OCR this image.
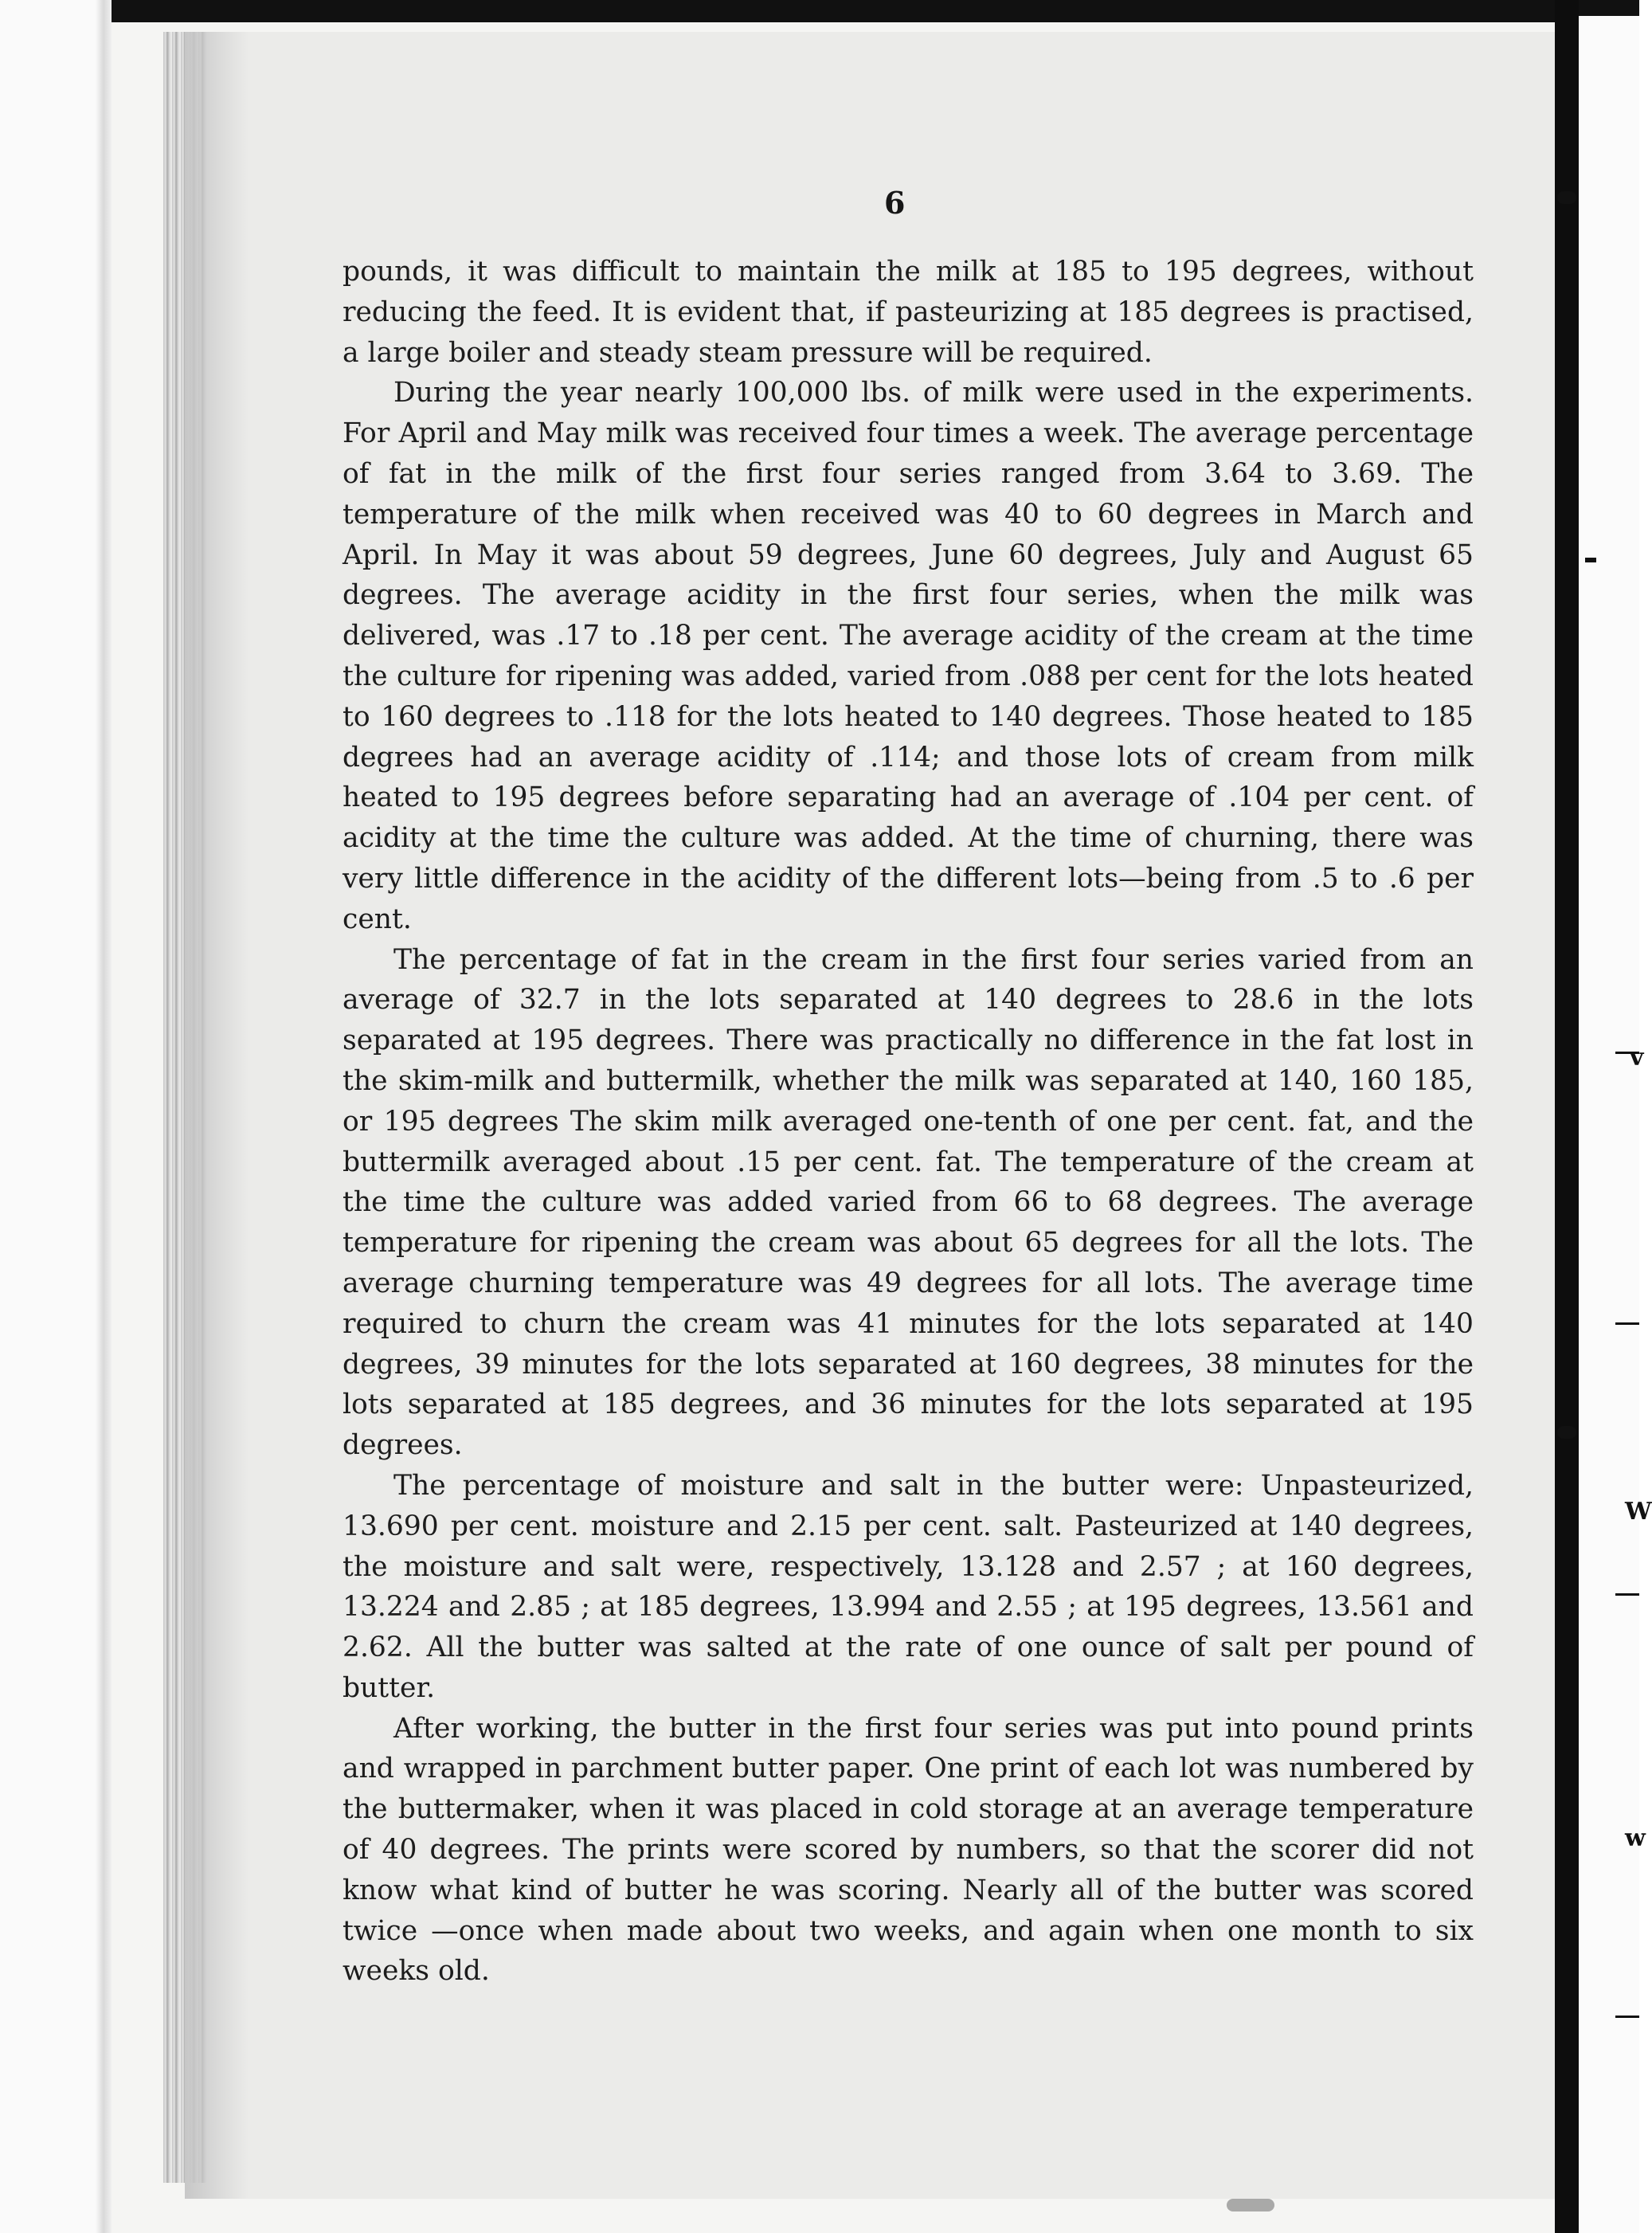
v
W
w
6

pounds, it was difficult to maintain the milk at 185 to 195 degrees, without reducing the feed. It is evident that, if pasteurizing at 185 degrees is practised, a large boiler and steady steam pressure will be required.

During the year nearly 100,000 lbs. of milk were used in the experiments. For April and May milk was received four times a week. The average percentage of fat in the milk of the first four series ranged from 3.64 to 3.69. The temperature of the milk when received was 40 to 60 degrees in March and April. In May it was about 59 degrees, June 60 degrees, July and August 65 degrees. The average acidity in the first four series, when the milk was delivered, was .17 to .18 per cent. The average acidity of the cream at the time the culture for ripening was added, varied from .088 per cent for the lots heated to 160 degrees to .118 for the lots heated to 140 degrees. Those heated to 185 degrees had an average acidity of .114; and those lots of cream from milk heated to 195 degrees before separating had an average of .104 per cent. of acidity at the time the culture was added. At the time of churning, there was very little difference in the acidity of the different lots—being from .5 to .6 per cent.

The percentage of fat in the cream in the first four series varied from an average of 32.7 in the lots separated at 140 degrees to 28.6 in the lots separated at 195 degrees. There was practically no difference in the fat lost in the skim-milk and buttermilk, whether the milk was separated at 140, 160 185, or 195 degrees The skim milk averaged one-tenth of one per cent. fat, and the buttermilk averaged about .15 per cent. fat. The temperature of the cream at the time the culture was added varied from 66 to 68 degrees. The average temperature for ripening the cream was about 65 degrees for all the lots. The average churning temperature was 49 degrees for all lots. The average time required to churn the cream was 41 minutes for the lots separated at 140 degrees, 39 minutes for the lots separated at 160 degrees, 38 minutes for the lots separated at 185 degrees, and 36 minutes for the lots separated at 195 degrees.

The percentage of moisture and salt in the butter were: Unpasteurized, 13.690 per cent. moisture and 2.15 per cent. salt. Pasteurized at 140 degrees, the moisture and salt were, respectively, 13.128 and 2.57 ; at 160 degrees, 13.224 and 2.85 ; at 185 degrees, 13.994 and 2.55 ; at 195 degrees, 13.561 and 2.62. All the butter was salted at the rate of one ounce of salt per pound of butter.

After working, the butter in the first four series was put into pound prints and wrapped in parchment butter paper. One print of each lot was numbered by the buttermaker, when it was placed in cold storage at an average temperature of 40 degrees. The prints were scored by numbers, so that the scorer did not know what kind of butter he was scoring. Nearly all of the butter was scored twice —once when made about two weeks, and again when one month to six weeks old.
